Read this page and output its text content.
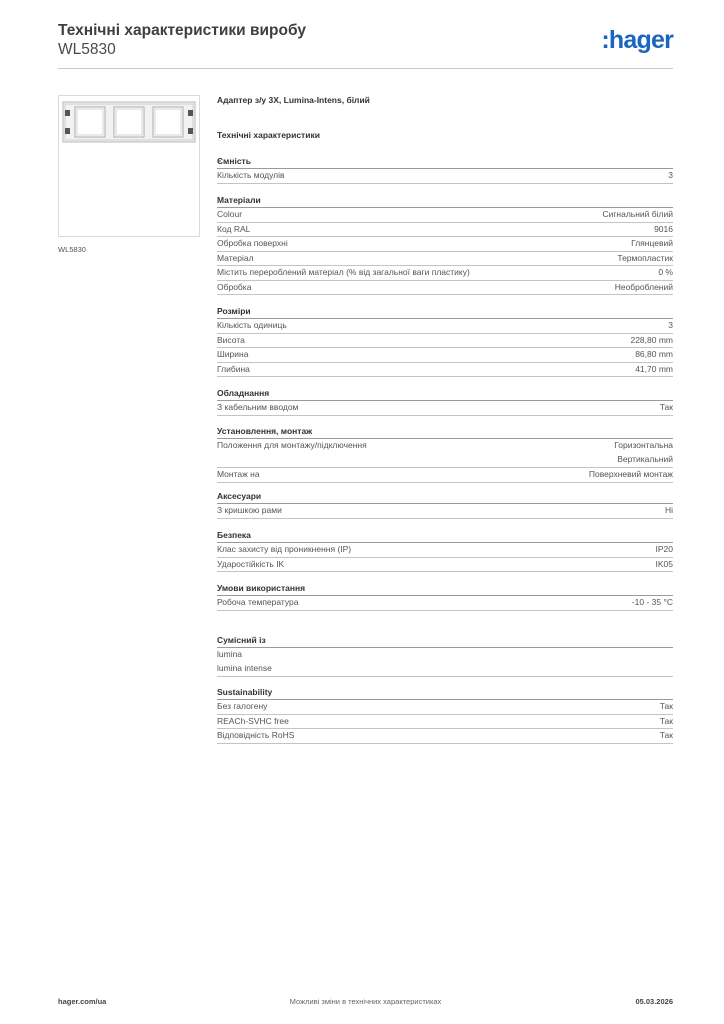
Технічні характеристики виробу
WL5830	:hager
WL5830
Адаптер з/у 3X, Lumina-Intens, білий
Технічні характеристики
Ємність
Кількість модулів	3
Матеріали
Colour	Сигнальний білий
Код RAL	9016
Обробка поверхні	Глянцевий
Матеріал	Термопластик
Містить перероблений матеріал (% від загальної ваги пластику)	0 %
Обробка	Необроблений
Розміри
Кількість одиниць	3
Висота	228,80 mm
Ширина	86,80 mm
Глибина	41,70 mm
Обладнання
З кабельним вводом	Так
Установлення, монтаж
Положення для монтажу/підключення	Горизонтальна
Вертикальний
Монтаж на	Поверхневий монтаж
Аксесуари
З кришкою рами	Ні
Безпека
Клас захисту від проникнення (IP)	IP20
Ударостійкість IK	IK05
Умови використання
Робоча температура	-10 - 35 °C
Сумісний із
lumina
lumina intense
Sustainability
Без галогену	Так
REACh-SVHC free	Так
Відповідність RoHS	Так
hager.com/ua	Можливі зміни в технічних характеристиках	05.03.2026
